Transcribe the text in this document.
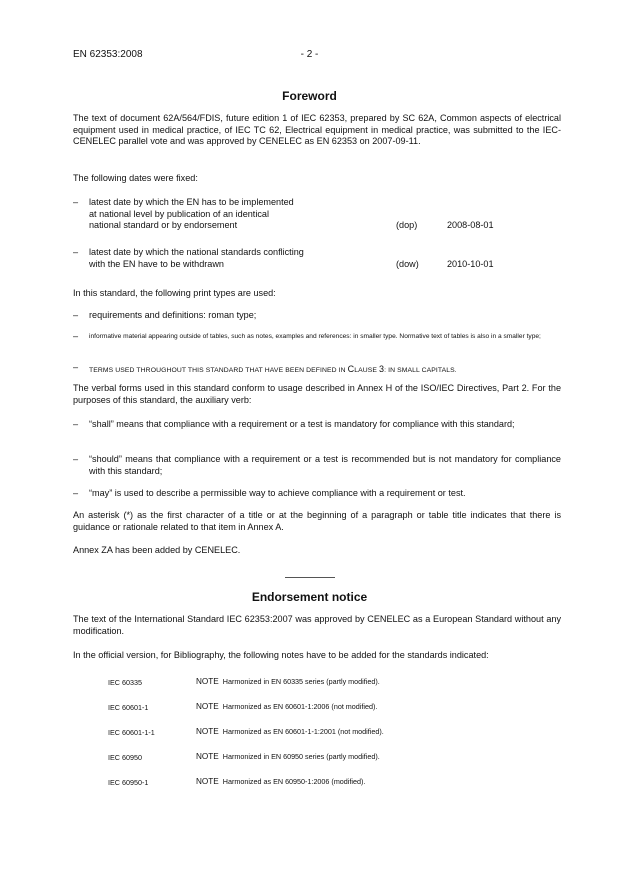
EN 62353:2008	- 2 -
Foreword
The text of document 62A/564/FDIS, future edition 1 of IEC 62353, prepared by SC 62A, Common aspects of electrical equipment used in medical practice, of IEC TC 62, Electrical equipment in medical practice, was submitted to the IEC-CENELEC parallel vote and was approved by CENELEC as EN 62353 on 2007-09-11.
The following dates were fixed:
– latest date by which the EN has to be implemented
at national level by publication of an identical
national standard or by endorsement	(dop)	2008-08-01
– latest date by which the national standards conflicting
with the EN have to be withdrawn	(dow)	2010-10-01
In this standard, the following print types are used:
– requirements and definitions: roman type;
– informative material appearing outside of tables, such as notes, examples and references: in smaller type. Normative text of tables is also in a smaller type;
– TERMS USED THROUGHOUT THIS STANDARD THAT HAVE BEEN DEFINED IN CLAUSE 3: IN SMALL CAPITALS.
The verbal forms used in this standard conform to usage described in Annex H of the ISO/IEC Directives, Part 2. For the purposes of this standard, the auxiliary verb:
– “shall” means that compliance with a requirement or a test is mandatory for compliance with this standard;
– “should” means that compliance with a requirement or a test is recommended but is not mandatory for compliance with this standard;
– “may” is used to describe a permissible way to achieve compliance with a requirement or test.
An asterisk (*) as the first character of a title or at the beginning of a paragraph or table title indicates that there is guidance or rationale related to that item in Annex A.
Annex ZA has been added by CENELEC.
Endorsement notice
The text of the International Standard IEC 62353:2007 was approved by CENELEC as a European Standard without any modification.
In the official version, for Bibliography, the following notes have to be added for the standards indicated:
IEC 60335	NOTE Harmonized in EN 60335 series (partly modified).
IEC 60601-1	NOTE Harmonized as EN 60601-1:2006 (not modified).
IEC 60601-1-1	NOTE Harmonized as EN 60601-1-1:2001 (not modified).
IEC 60950	NOTE Harmonized in EN 60950 series (partly modified).
IEC 60950-1	NOTE Harmonized as EN 60950-1:2006 (modified).
